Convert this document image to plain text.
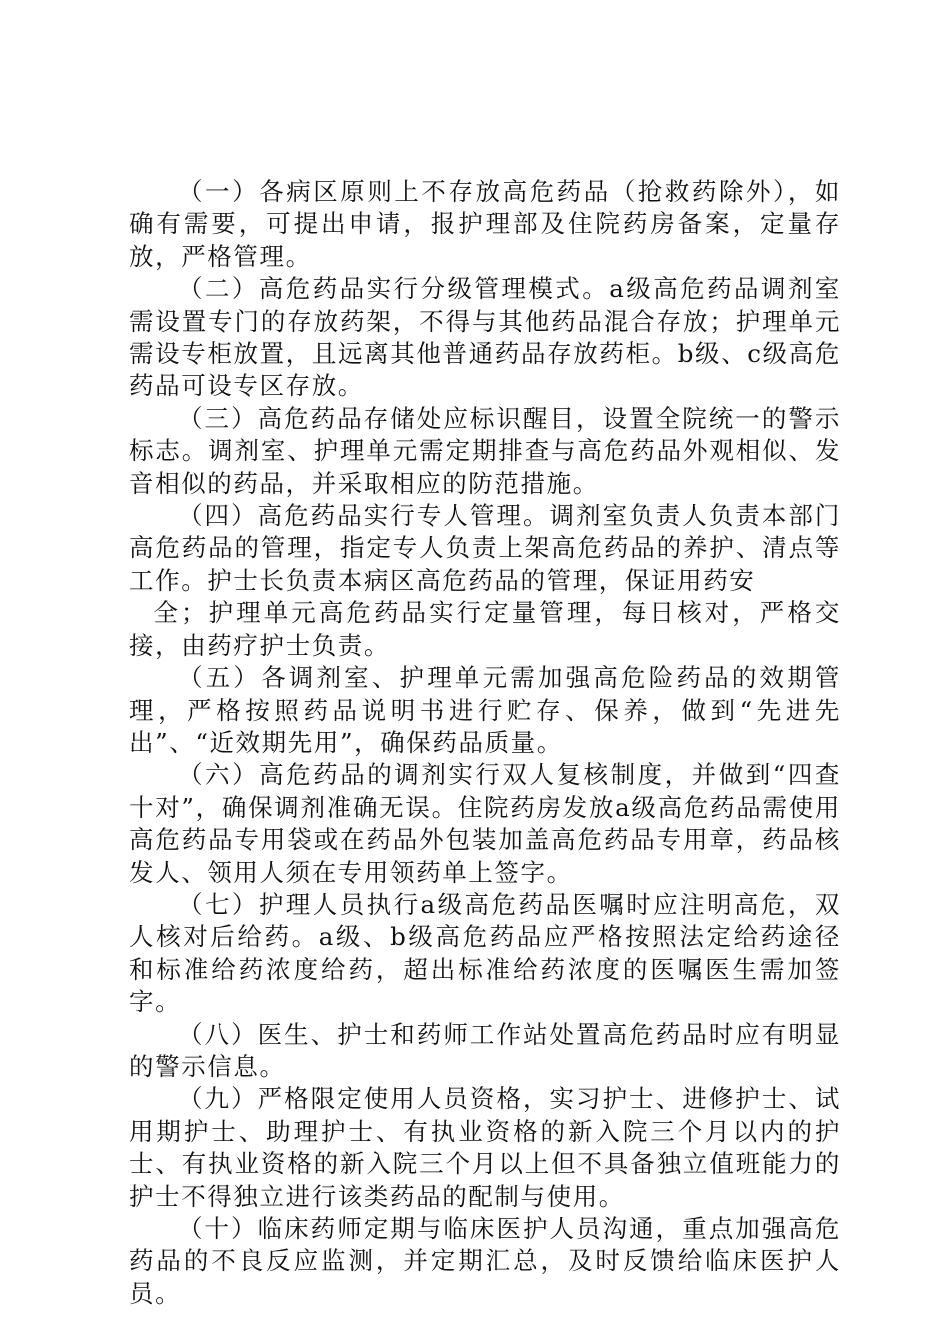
（一）各病区原则上不存放高危药品（抢救药除外），如确有需要，可提出申请，报护理部及住院药房备案，定量存放，严格管理。

（二）高危药品实行分级管理模式。a级高危药品调剂室需设置专门的存放药架，不得与其他药品混合存放；护理单元需设专柜放置，且远离其他普通药品存放药柜。b级、c级高危药品可设专区存放。

（三）高危药品存储处应标识醒目，设置全院统一的警示标志。调剂室、护理单元需定期排查与高危药品外观相似、发音相似的药品，并采取相应的防范措施。

（四）高危药品实行专人管理。调剂室负责人负责本部门高危药品的管理，指定专人负责上架高危药品的养护、清点等工作。护士长负责本病区高危药品的管理，保证用药安

全；护理单元高危药品实行定量管理，每日核对，严格交接，由药疗护士负责。

（五）各调剂室、护理单元需加强高危险药品的效期管理，严格按照药品说明书进行贮存、保养，做到“先进先出”、“近效期先用”，确保药品质量。

（六）高危药品的调剂实行双人复核制度，并做到“四查十对”，确保调剂准确无误。住院药房发放a级高危药品需使用高危药品专用袋或在药品外包装加盖高危药品专用章，药品核发人、领用人须在专用领药单上签字。

（七）护理人员执行a级高危药品医嘱时应注明高危，双人核对后给药。a级、b级高危药品应严格按照法定给药途径和标准给药浓度给药，超出标准给药浓度的医嘱医生需加签字。

（八）医生、护士和药师工作站处置高危药品时应有明显的警示信息。

（九）严格限定使用人员资格，实习护士、进修护士、试用期护士、助理护士、有执业资格的新入院三个月以内的护士、有执业资格的新入院三个月以上但不具备独立值班能力的护士不得独立进行该类药品的配制与使用。

（十）临床药师定期与临床医护人员沟通，重点加强高危药品的不良反应监测，并定期汇总，及时反馈给临床医护人员。
